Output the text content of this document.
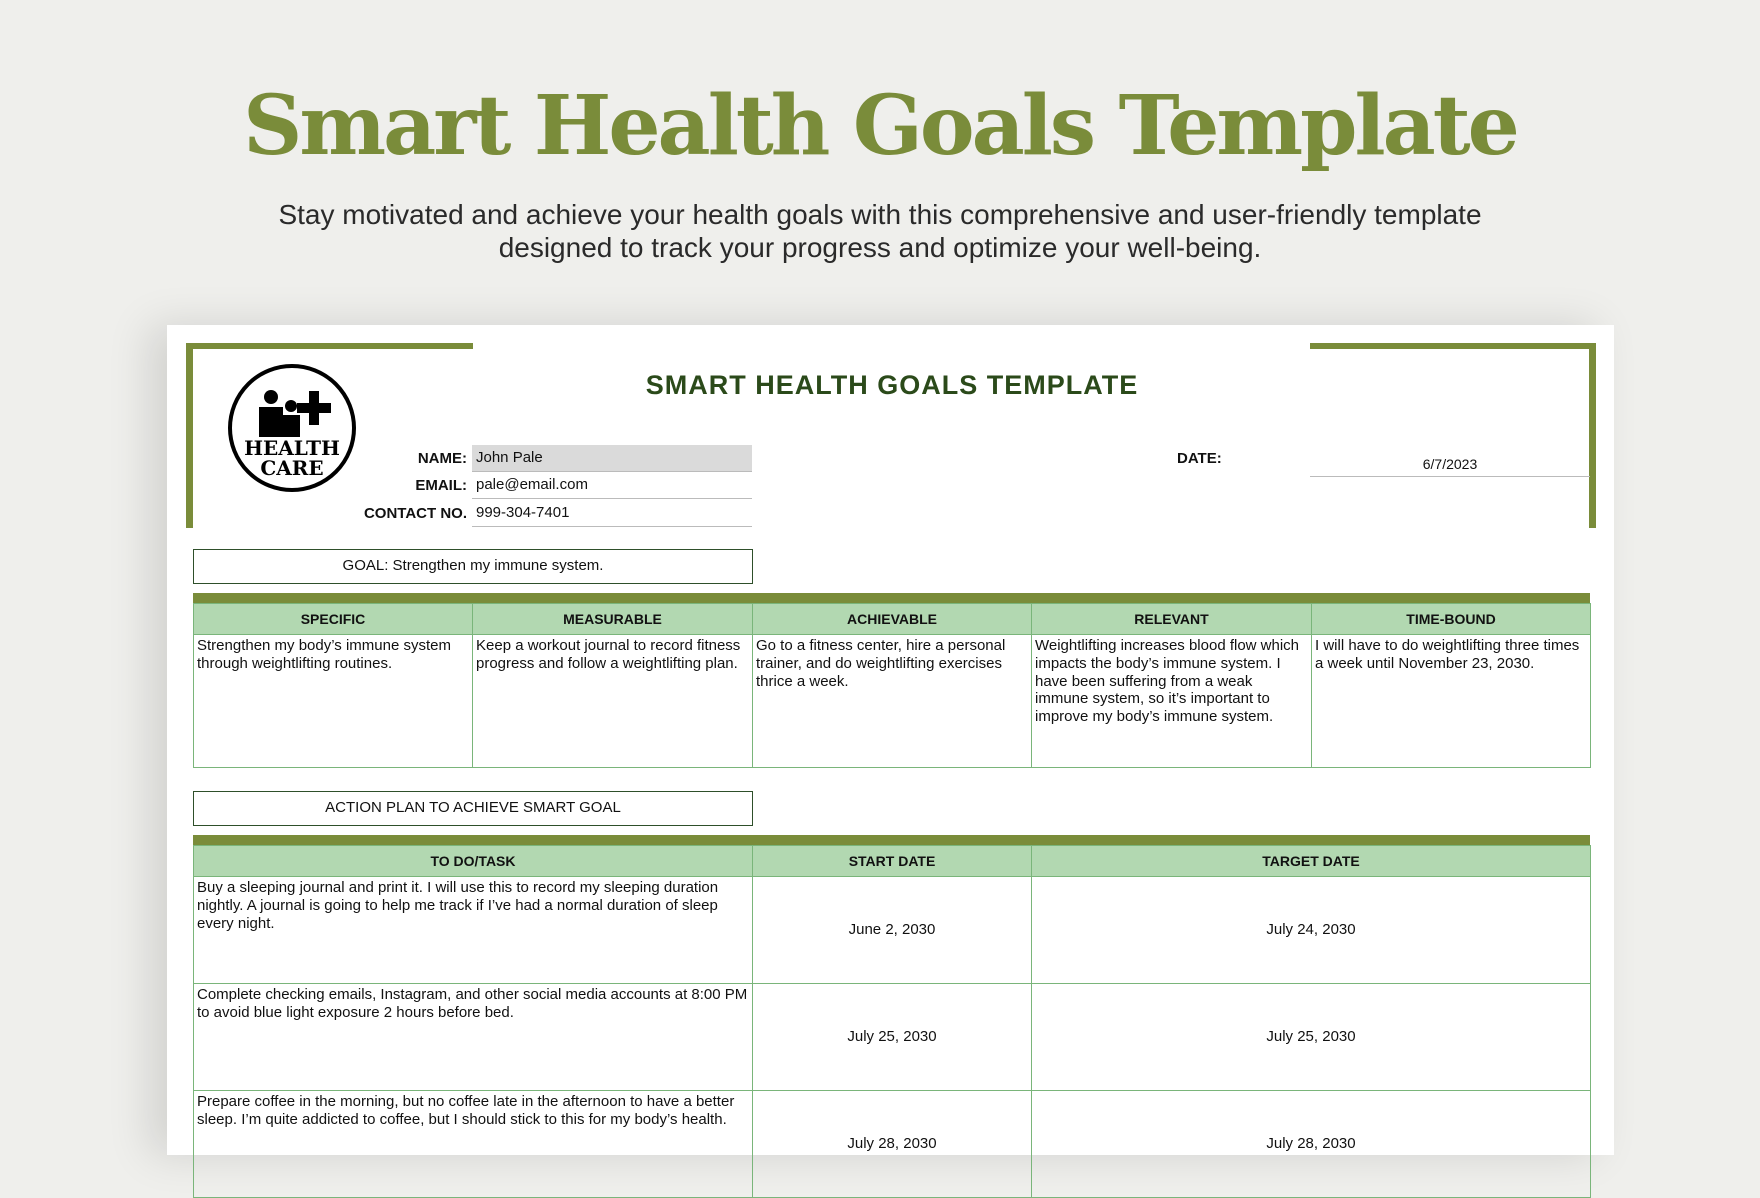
Smart Health Goals Template
Stay motivated and achieve your health goals with this comprehensive and user-friendly template designed to track your progress and optimize your well-being.
HEALTH
CARE
SMART HEALTH GOALS TEMPLATE
NAME: John Pale
EMAIL: pale@email.com
CONTACT NO. 999-304-7401
DATE:	6/7/2023
GOAL: Strengthen my immune system.
SPECIFIC	MEASURABLE	ACHIEVABLE	RELEVANT	TIME-BOUND
Strengthen my body’s immune system through weightlifting routines.	Keep a workout journal to record fitness progress and follow a weightlifting plan.	Go to a fitness center, hire a personal trainer, and do weightlifting exercises thrice a week.	Weightlifting increases blood flow which impacts the body’s immune system. I have been suffering from a weak immune system, so it’s important to improve my body’s immune system.	I will have to do weightlifting three times a week until November 23, 2030.
ACTION PLAN TO ACHIEVE SMART GOAL
TO DO/TASK	START DATE	TARGET DATE
Buy a sleeping journal and print it. I will use this to record my sleeping duration nightly. A journal is going to help me track if I’ve had a normal duration of sleep every night.	June 2, 2030	July 24, 2030
Complete checking emails, Instagram, and other social media accounts at 8:00 PM to avoid blue light exposure 2 hours before bed.	July 25, 2030	July 25, 2030
Prepare coffee in the morning, but no coffee late in the afternoon to have a better sleep. I’m quite addicted to coffee, but I should stick to this for my body’s health.	July 28, 2030	July 28, 2030
